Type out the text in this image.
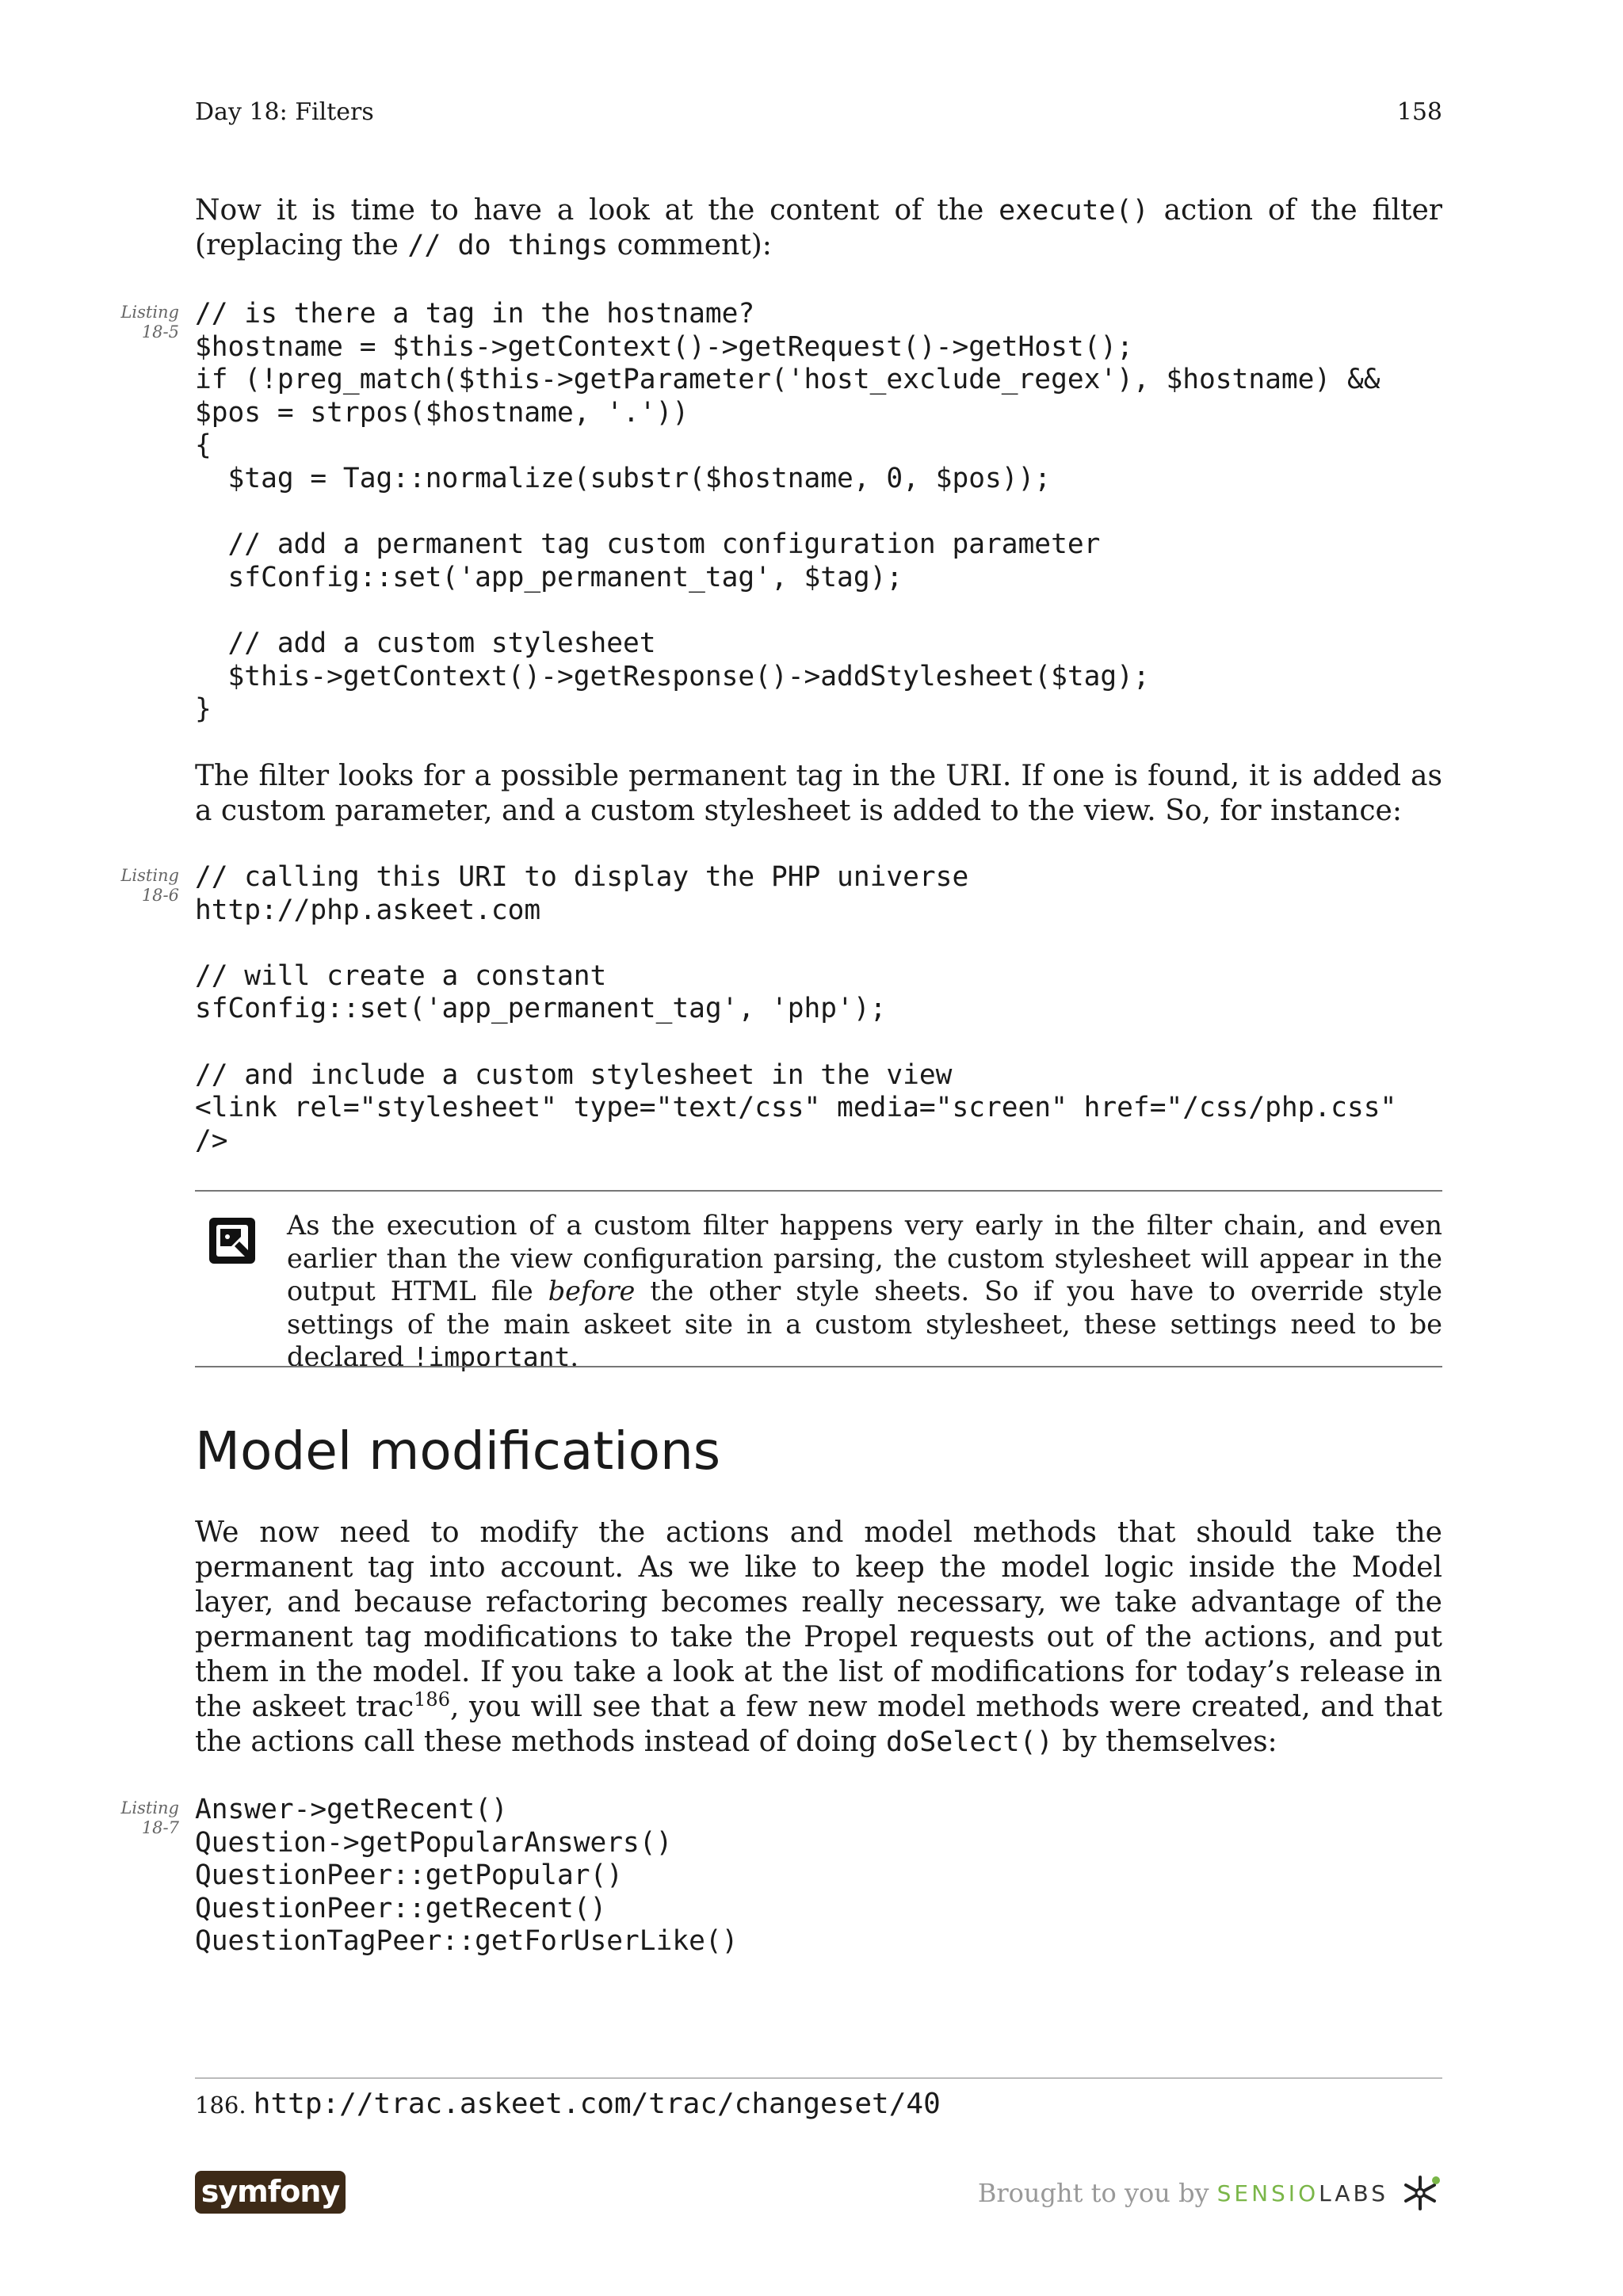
Day 18: Filters	158

Now it is time to have a look at the content of the execute() action of the filter (replacing the // do things comment):

Listing
18-5
// is there a tag in the hostname?
$hostname = $this->getContext()->getRequest()->getHost();
if (!preg_match($this->getParameter('host_exclude_regex'), $hostname) &&
$pos = strpos($hostname, '.'))
{
$tag = Tag::normalize(substr($hostname, 0, $pos));

// add a permanent tag custom configuration parameter
sfConfig::set('app_permanent_tag', $tag);

// add a custom stylesheet
$this->getContext()->getResponse()->addStylesheet($tag);
}

The filter looks for a possible permanent tag in the URI. If one is found, it is added as a custom parameter, and a custom stylesheet is added to the view. So, for instance:

Listing
18-6
// calling this URI to display the PHP universe
http://php.askeet.com

// will create a constant
sfConfig::set('app_permanent_tag', 'php');

// and include a custom stylesheet in the view
<link rel="stylesheet" type="text/css" media="screen" href="/css/php.css"
/>

As the execution of a custom filter happens very early in the filter chain, and even earlier than the view configuration parsing, the custom stylesheet will appear in the output HTML file before the other style sheets. So if you have to override style settings of the main askeet site in a custom stylesheet, these settings need to be declared !important.

Model modifications

We now need to modify the actions and model methods that should take the permanent tag into account. As we like to keep the model logic inside the Model layer, and because refactoring becomes really necessary, we take advantage of the permanent tag modifications to take the Propel requests out of the actions, and put them in the model. If you take a look at the list of modifications for today’s release in the askeet trac$^{186}$, you will see that a few new model methods were created, and that the actions call these methods instead of doing doSelect() by themselves:

Listing
18-7
Answer->getRecent()
Question->getPopularAnswers()
QuestionPeer::getPopular()
QuestionPeer::getRecent()
QuestionTagPeer::getForUserLike()
186. http://trac.askeet.com/trac/changeset/40
symfony	Brought to you by SENSIOLABS
